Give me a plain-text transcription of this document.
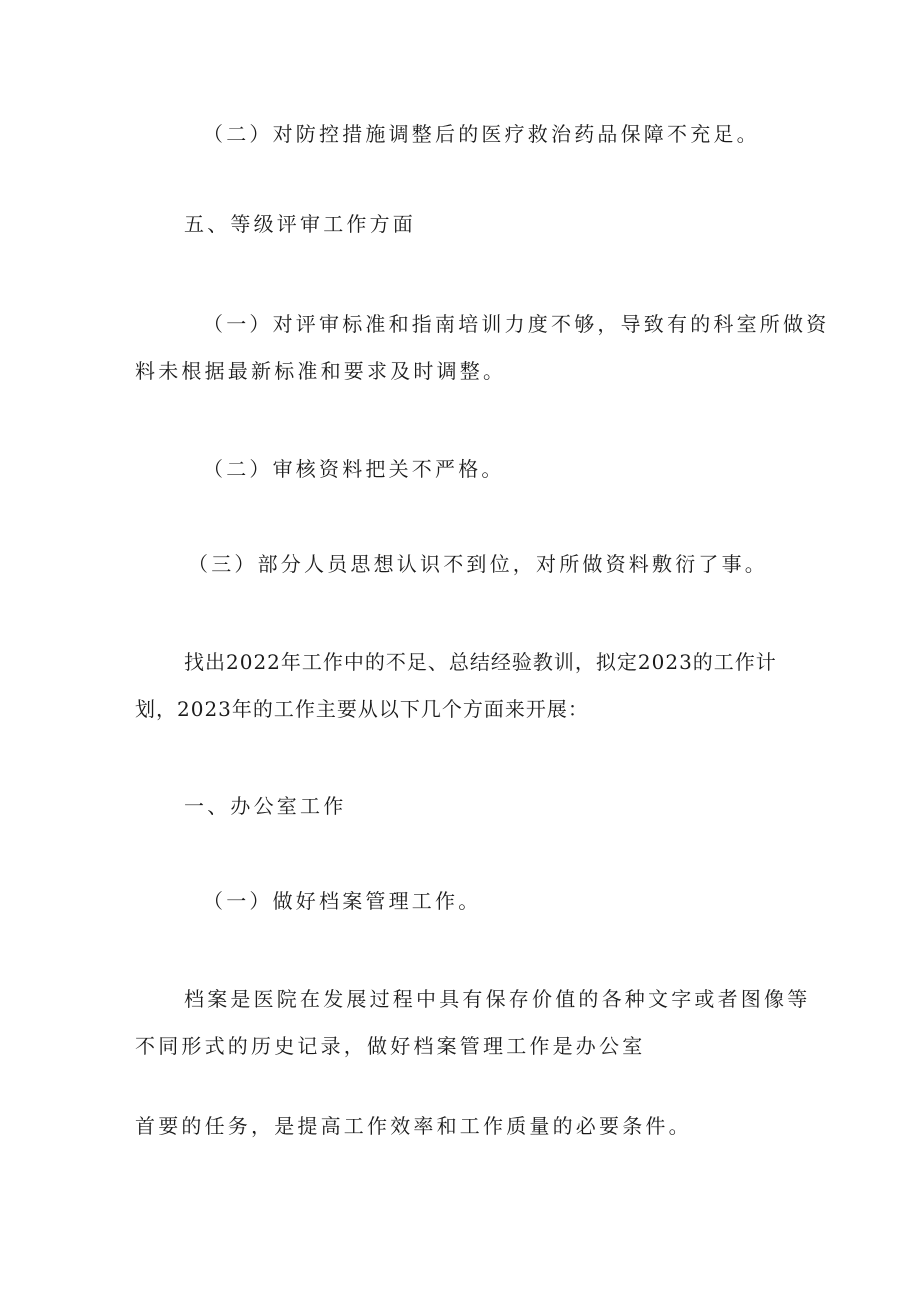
（二）对防控措施调整后的医疗救治药品保障不充足。
五、等级评审工作方面
（一）对评审标准和指南培训力度不够，导致有的科室所做资
料未根据最新标准和要求及时调整。
（二）审核资料把关不严格。
（三）部分人员思想认识不到位，对所做资料敷衍了事。
找出2022年工作中的不足、总结经验教训，拟定2023的工作计
划，2023年的工作主要从以下几个方面来开展：
一、办公室工作
（一）做好档案管理工作。
档案是医院在发展过程中具有保存价值的各种文字或者图像等
不同形式的历史记录，做好档案管理工作是办公室
首要的任务，是提高工作效率和工作质量的必要条件。
